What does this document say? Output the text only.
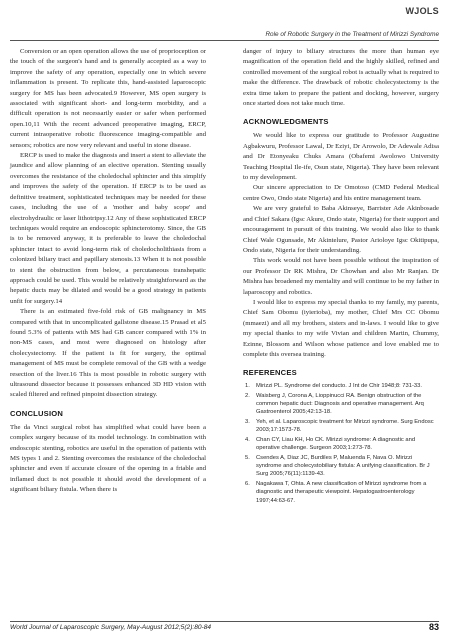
WJOLS
Role of Robotic Surgery in the Treatment of Mirizzi Syndrome

Conversion or an open operation allows the use of proprioception or the touch of the surgeon's hand and is generally accepted as a way to improve the safety of any operation, especially one in which severe inflammation is present. To replicate this, hand-assisted laparoscopic surgery for MS has been advocated.9 However, MS open surgery is associated with significant short- and long-term morbidity, and a difficult operation is not necessarily easier or safer when performed open.10,11 With the recent advanced preoperative imaging, ERCP, current intraoperative robotic fluorescence imaging-compatible and sensors; robotics are now very relevant and useful in stone disease.

ERCP is used to make the diagnosis and insert a stent to alleviate the jaundice and allow planning of an elective operation. Stenting usually overcomes the resistance of the choledochal sphincter and this simplify and improves the safety of the operation. If ERCP is to be used as definitive treatment, sophisticated techniques may be needed for these cases, including the use of a 'mother and baby scope' and electrohydraulic or laser lithotripsy.12 Any of these sophisticated ERCP techniques would require an endoscopic sphincterotomy. Since, the GB is to be removed anyway, it is preferable to leave the choledochal sphincter intact to avoid long-term risk of choledocholithiasis from a colonized biliary tract and papillary stenosis.13 When it is not possible to stent the obstruction from below, a percutaneous transhepatic approach could be used. This would be relatively straightforward as the hepatic ducts may be dilated and would be a good strategy in patients unfit for surgery.14

There is an estimated five-fold risk of GB malignancy in MS compared with that in uncomplicated gallstone disease.15 Prasad et al5 found 5.3% of patients with MS had GB cancer compared with 1% in non-MS cases, and most were diagnosed on histology after cholecystectomy. If the patient is fit for surgery, the optimal management of MS must be complete removal of the GB with a wedge resection of the liver.16 This is most possible in robotic surgery with ultrasound dissector because it possesses enhanced 3D HD vision with scaled filtered and refined pinpoint dissection strategy.

CONCLUSION

The da Vinci surgical robot has simplified what could have been a complex surgery because of its model technology. In combination with endoscopic stenting, robotics are useful in the operation of patients with MS types 1 and 2. Stenting overcomes the resistance of the choledochal sphincter and even if accurate closure of the opening in a friable and inflamed duct is not possible it should avoid the development of a significant biliary fistula. When there is

danger of injury to biliary structures the more than human eye magnification of the operation field and the highly skilled, refined and controlled movement of the surgical robot is actually what is required to make the difference. The drawback of robotic cholecystectomy is the extra time taken to prepare the patient and docking, however, surgery once started does not take much time.

ACKNOWLEDGMENTS

We would like to express our gratitude to Professor Augustine Agbakwuru, Professor Lawal, Dr Eziyi, Dr Arowolo, Dr Adewale Adisa and Dr Etonyeaku Chuks Amara (Obafemi Awolowo University Teaching Hospital Ile-ife, Osun state, Nigeria). They have been relevant to my development.

Our sincere appreciation to Dr Omotoso (CMD Federal Medical centre Owo, Ondo state Nigeria) and his entire management team.

We are very grateful to Baba Akinseye, Barrister Ade Akinbosade and Chief Sakara (Igsc Akure, Ondo state, Nigeria) for their support and encouragement in pursuit of this training. We would also like to thank Chief Wale Ogunsade, Mr Akintelure, Pastor Arioloye Igsc Okitipupa, Ondo state, Nigeria for their understanding.

This work would not have been possible without the inspiration of our Professor Dr RK Mishra, Dr Chowhan and also Mr Ranjan. Dr Mishra has broadened my mentality and will continue to be my father in laparoscopy and robotics.

I would like to express my special thanks to my family, my parents, Chief Sam Obomu (iyierioba), my mother, Chief Mrs CC Obomu (mmaezi) and all my brothers, sisters and in-laws. I would like to give my special thanks to my wife Vivian and children Martin, Chummy, Ezinne, Blossom and Wilson whose patience and love enabled me to complete this oversea training.

REFERENCES
1. Mirizzi PL. Syndrome del conducto. J Int de Chir 1948;8: 731-33.
2. Waisberg J, Corona A, Lioppinucci RA. Benign obstruction of the common hepatic duct: Diagnosis and operative management. Arq Gastroenterol 2005;42:13-18.
3. Yeh, et al. Laparoscopic treatment for Mirizzi syndrome. Surg Endosc 2003;17:1573-78.
4. Chan CY, Liau KH, Ho CK. Mirizzi syndrome: A diagnostic and operative challenge. Surgeon 2003;1:273-78.
5. Csendes A, Diaz JC, Burdiles P, Maluenda F, Nava O. Mirizzi syndrome and cholecystobiliary fistula: A unifying classification. Br J Surg 2005;76(11):1139-43.
6. Nagakawa T, Ohta. A new classification of Mirizzi syndrome from a diagnostic and therapeutic viewpoint. Hepatogastroenterology 1997;44:63-67.
World Journal of Laparoscopic Surgery, May-August 2012;5(2):80-84	83
